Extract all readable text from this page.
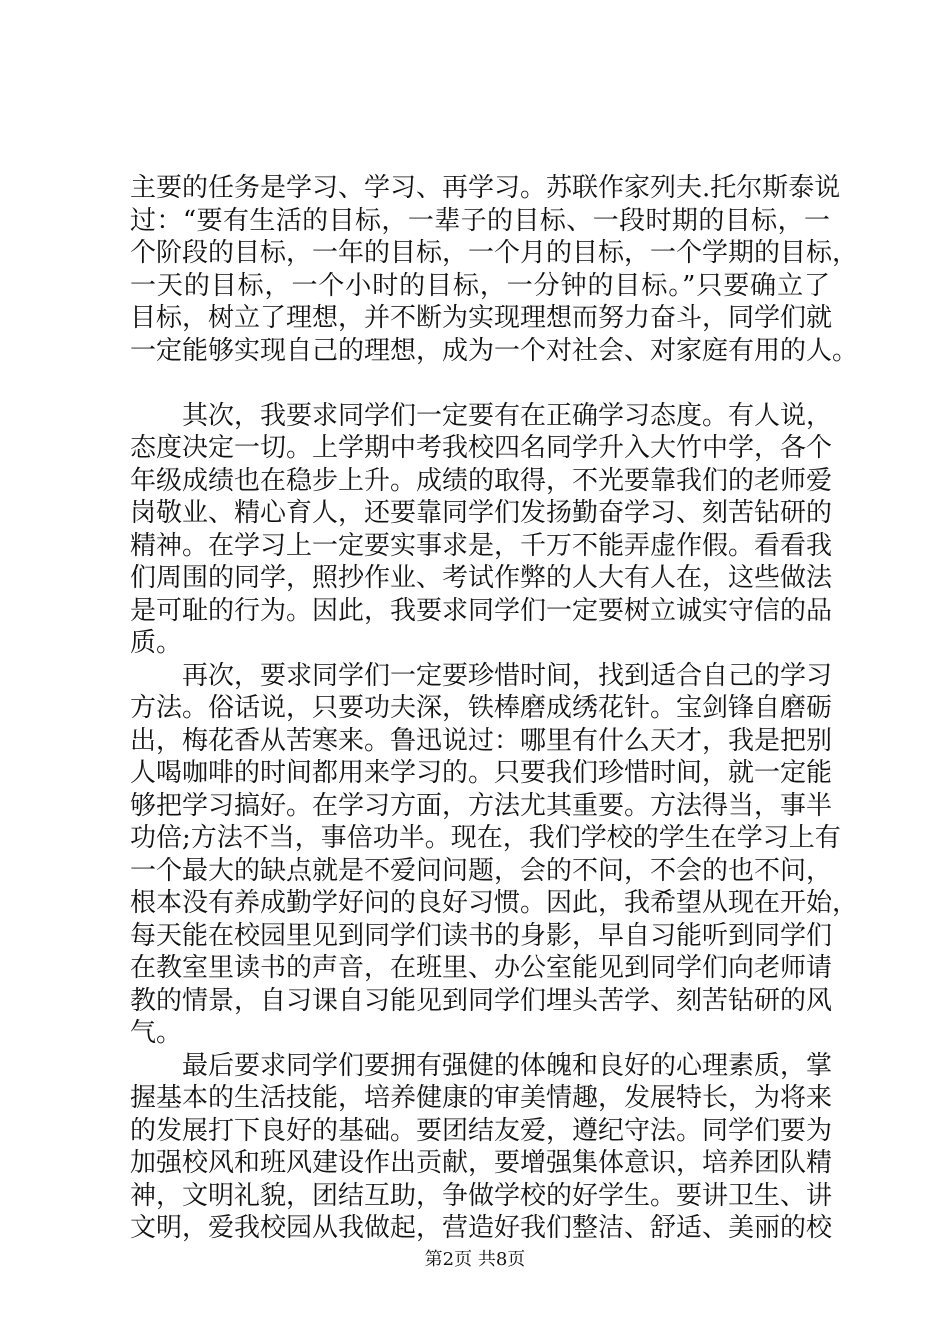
主要的任务是学习、学习、再学习。苏联作家列夫.托尔斯泰说
过：“要有生活的目标，一辈子的目标、一段时期的目标，一
个阶段的目标，一年的目标，一个月的目标，一个学期的目标，
一天的目标，一个小时的目标，一分钟的目标。”只要确立了
目标，树立了理想，并不断为实现理想而努力奋斗，同学们就
一定能够实现自己的理想，成为一个对社会、对家庭有用的人。
其次，我要求同学们一定要有在正确学习态度。有人说，
态度决定一切。上学期中考我校四名同学升入大竹中学，各个
年级成绩也在稳步上升。成绩的取得，不光要靠我们的老师爱
岗敬业、精心育人，还要靠同学们发扬勤奋学习、刻苦钻研的
精神。在学习上一定要实事求是，千万不能弄虚作假。看看我
们周围的同学，照抄作业、考试作弊的人大有人在，这些做法
是可耻的行为。因此，我要求同学们一定要树立诚实守信的品
质。
再次，要求同学们一定要珍惜时间，找到适合自己的学习
方法。俗话说，只要功夫深，铁棒磨成绣花针。宝剑锋自磨砺
出，梅花香从苦寒来。鲁迅说过：哪里有什么天才，我是把别
人喝咖啡的时间都用来学习的。只要我们珍惜时间，就一定能
够把学习搞好。在学习方面，方法尤其重要。方法得当，事半
功倍;方法不当，事倍功半。现在，我们学校的学生在学习上有
一个最大的缺点就是不爱问问题，会的不问，不会的也不问，
根本没有养成勤学好问的良好习惯。因此，我希望从现在开始，
每天能在校园里见到同学们读书的身影，早自习能听到同学们
在教室里读书的声音，在班里、办公室能见到同学们向老师请
教的情景，自习课自习能见到同学们埋头苦学、刻苦钻研的风
气。
最后要求同学们要拥有强健的体魄和良好的心理素质，掌
握基本的生活技能，培养健康的审美情趣，发展特长，为将来
的发展打下良好的基础。要团结友爱，遵纪守法。同学们要为
加强校风和班风建设作出贡献，要增强集体意识，培养团队精
神，文明礼貌，团结互助，争做学校的好学生。要讲卫生、讲
文明，爱我校园从我做起，营造好我们整洁、舒适、美丽的校
第2页 共8页
